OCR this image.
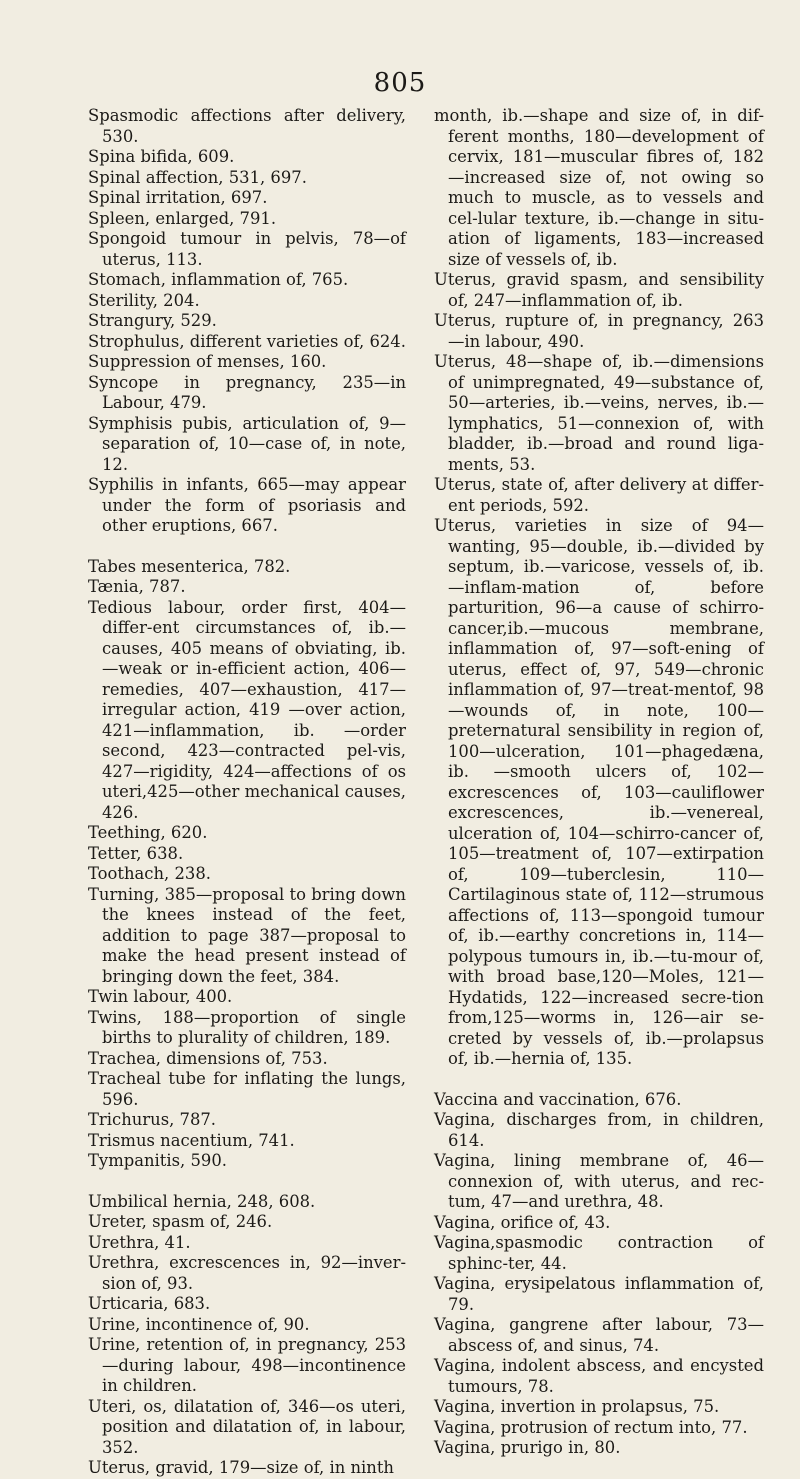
805
Spasmodic affections after delivery, 530.
Spina bifida, 609.
Spinal affection, 531, 697.
Spinal irritation, 697.
Spleen, enlarged, 791.
Spongoid tumour in pelvis, 78—of uterus, 113.
Stomach, inflammation of, 765.
Sterility, 204.
Strangury, 529.
Strophulus, different varieties of, 624.
Suppression of menses, 160.
Syncope in pregnancy, 235—in Labour, 479.
Symphisis pubis, articulation of, 9—separation of, 10—case of, in note, 12.
Syphilis in infants, 665—may appear under the form of psoriasis and other eruptions, 667.
Tabes mesenterica, 782.
Tænia, 787.
Tedious labour, order first, 404—differ-ent circumstances of, ib.—causes, 405 means of obviating, ib.—weak or in-efficient action, 406—remedies, 407—exhaustion, 417—irregular action, 419 —over action, 421—inflammation, ib. —order second, 423—contracted pel-vis, 427—rigidity, 424—affections of os uteri,425—other mechanical causes, 426.
Teething, 620.
Tetter, 638.
Toothach, 238.
Turning, 385—proposal to bring down the knees instead of the feet, addition to page 387—proposal to make the head present instead of bringing down the feet, 384.
Twin labour, 400.
Twins, 188—proportion of single births to plurality of children, 189.
Trachea, dimensions of, 753.
Tracheal tube for inflating the lungs, 596.
Trichurus, 787.
Trismus nacentium, 741.
Tympanitis, 590.
Umbilical hernia, 248, 608.
Ureter, spasm of, 246.
Urethra, 41.
Urethra, excrescences in, 92—inver-sion of, 93.
Urticaria, 683.
Urine, incontinence of, 90.
Urine, retention of, in pregnancy, 253 —during labour, 498—incontinence in children.
Uteri, os, dilatation of, 346—os uteri, position and dilatation of, in labour, 352.
Uterus, gravid, 179—size of, in ninth
month, ib.—shape and size of, in dif-ferent months, 180—development of cervix, 181—muscular fibres of, 182 —increased size of, not owing so much to muscle, as to vessels and cel-lular texture, ib.—change in situ-ation of ligaments, 183—increased size of vessels of, ib.
Uterus, gravid spasm, and sensibility of, 247—inflammation of, ib.
Uterus, rupture of, in pregnancy, 263 —in labour, 490.
Uterus, 48—shape of, ib.—dimensions of unimpregnated, 49—substance of, 50—arteries, ib.—veins, nerves, ib.—lymphatics, 51—connexion of, with bladder, ib.—broad and round liga-ments, 53.
Uterus, state of, after delivery at differ-ent periods, 592.
Uterus, varieties in size of 94—wanting, 95—double, ib.—divided by septum, ib.—varicose, vessels of, ib.—inflam-mation of, before parturition, 96—a cause of schirro-cancer,ib.—mucous membrane, inflammation of, 97—soft-ening of uterus, effect of, 97, 549—chronic inflammation of, 97—treat-mentof, 98—wounds of, in note, 100—preternatural sensibility in region of, 100—ulceration, 101—phagedæna, ib. —smooth ulcers of, 102—excrescences of, 103—cauliflower excrescences, ib.—venereal, ulceration of, 104—schirro-cancer of, 105—treatment of, 107—extirpation of, 109—tuberclesin, 110—Cartilaginous state of, 112—strumous affections of, 113—spongoid tumour of, ib.—earthy concretions in, 114—polypous tumours in, ib.—tu-mour of, with broad base,120—Moles, 121—Hydatids, 122—increased secre-tion from,125—worms in, 126—air se-creted by vessels of, ib.—prolapsus of, ib.—hernia of, 135.
Vaccina and vaccination, 676.
Vagina, discharges from, in children, 614.
Vagina, lining membrane of, 46—connexion of, with uterus, and rec-tum, 47—and urethra, 48.
Vagina, orifice of, 43.
Vagina,spasmodic contraction of sphinc-ter, 44.
Vagina, erysipelatous inflammation of, 79.
Vagina, gangrene after labour, 73—abscess of, and sinus, 74.
Vagina, indolent abscess, and encysted tumours, 78.
Vagina, invertion in prolapsus, 75.
Vagina, protrusion of rectum into, 77.
Vagina, prurigo in, 80.
